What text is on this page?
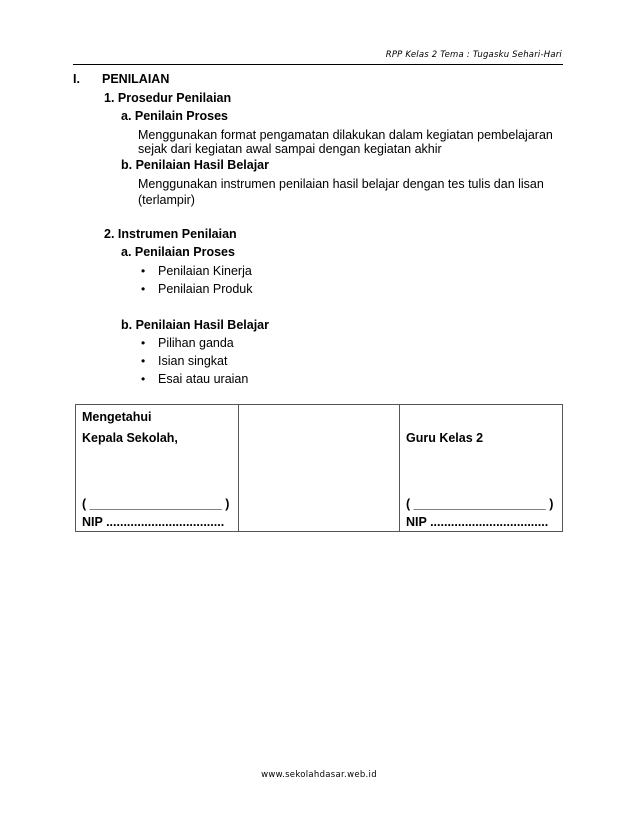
RPP Kelas 2 Tema : Tugasku Sehari-Hari
I. PENILAIAN
1. Prosedur Penilaian
a. Penilain Proses
Menggunakan format pengamatan dilakukan dalam kegiatan pembelajaran
sejak dari kegiatan awal sampai dengan kegiatan akhir
b. Penilaian Hasil Belajar
Menggunakan instrumen penilaian hasil belajar dengan tes tulis dan lisan
(terlampir)
2. Instrumen Penilaian
a. Penilaian Proses
• Penilaian Kinerja
• Penilaian Produk
b. Penilaian Hasil Belajar
• Pilihan ganda
• Isian singkat
• Esai atau uraian
Mengetahui
Kepala Sekolah,
( ___________________ )
NIP ..................................

Guru Kelas 2
( ___________________ )
NIP ..................................
www.sekolahdasar.web.id
